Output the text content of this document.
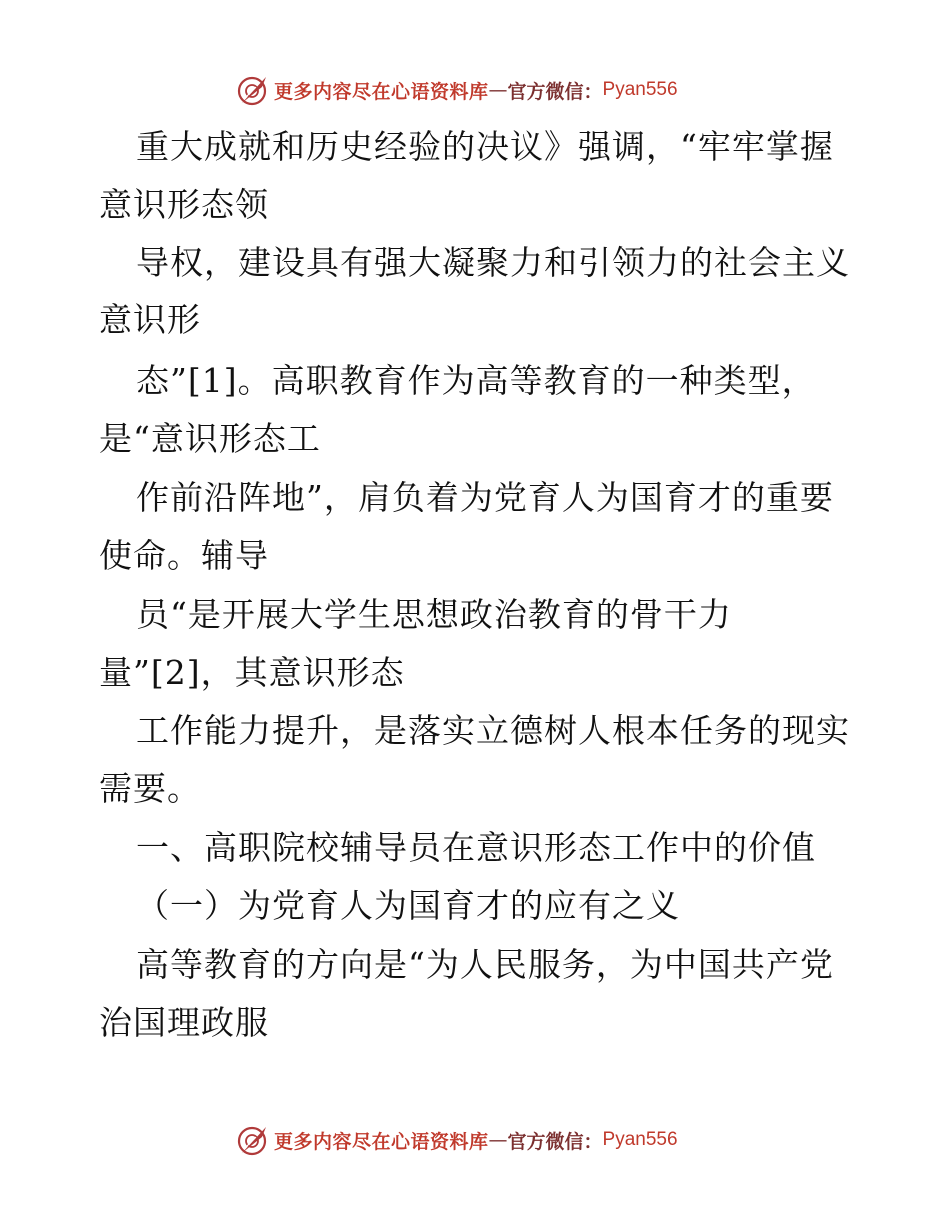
更多内容尽在心语资料库 — 官方微信： Pyan556
重大成就和历史经验的决议》强调，“牢牢掌握
意识形态领
导权，建设具有强大凝聚力和引领力的社会主义
意识形
态”[1]。高职教育作为高等教育的一种类型，
是“意识形态工
作前沿阵地”，肩负着为党育人为国育才的重要
使命。辅导
员“是开展大学生思想政治教育的骨干力
量”[2]，其意识形态
工作能力提升，是落实立德树人根本任务的现实
需要。
一、高职院校辅导员在意识形态工作中的价值
（一）为党育人为国育才的应有之义
高等教育的方向是“为人民服务，为中国共产党
治国理政服
更多内容尽在心语资料库 — 官方微信： Pyan556
